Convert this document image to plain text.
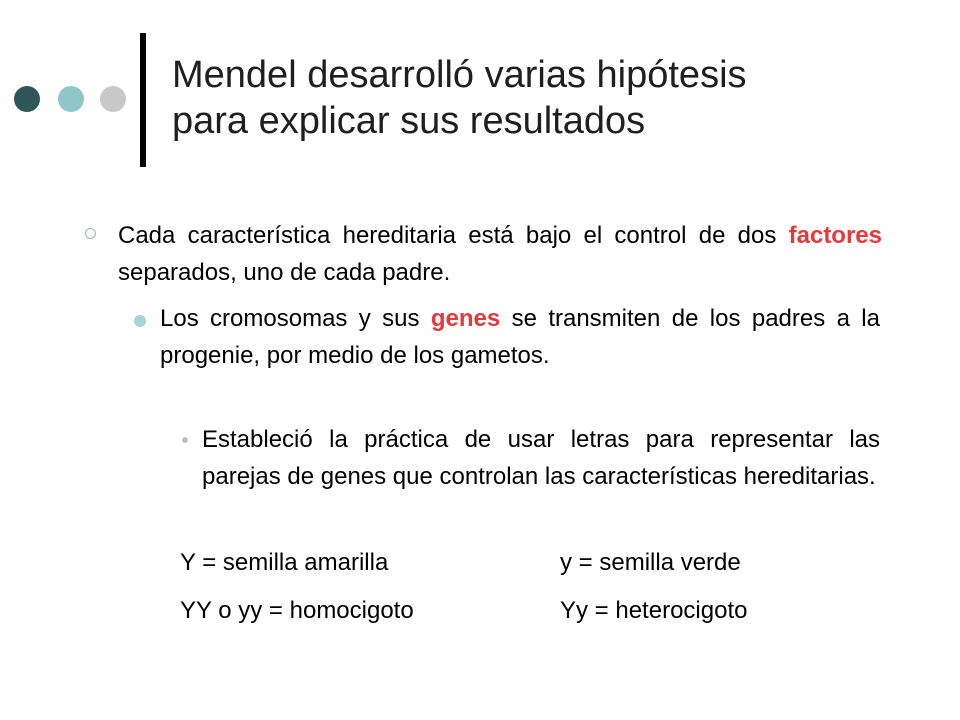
Mendel desarrolló varias hipótesis
para explicar sus resultados

Cada característica hereditaria está bajo el control de dos factores separados, uno de cada padre.

Los cromosomas y sus genes se transmiten de los padres a la progenie, por medio de los gametos.

Estableció la práctica de usar letras para representar las parejas de genes que controlan las características hereditarias.

Y = semilla amarilla	y = semilla verde
YY o yy = homocigoto	Yy = heterocigoto
